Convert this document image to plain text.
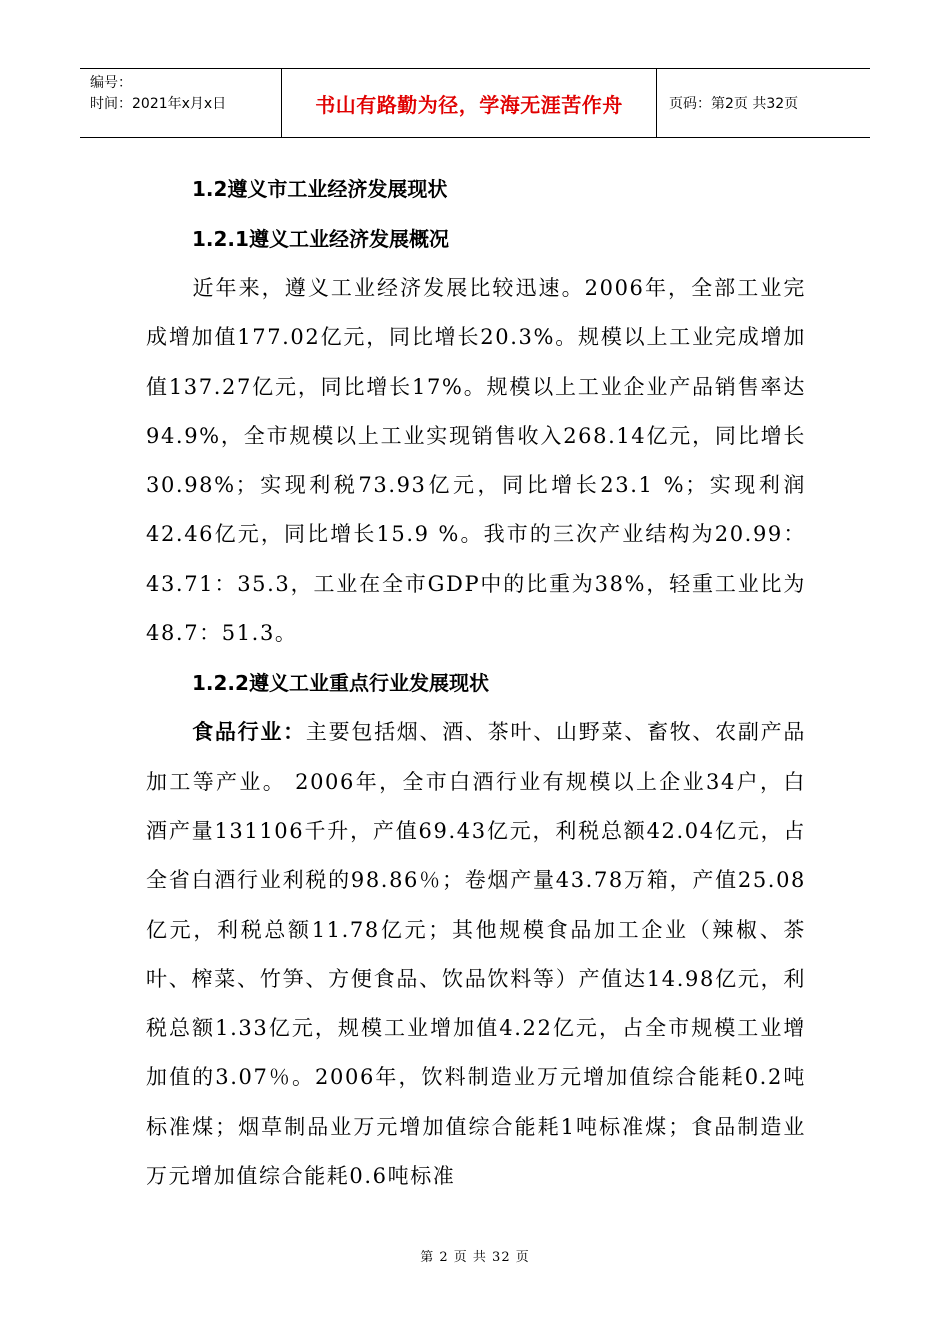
编号：
时间：2021年x月x日	书山有路勤为径，学海无涯苦作舟	页码：第2页 共32页
1.2遵义市工业经济发展现状
1.2.1遵义工业经济发展概况
近年来，遵义工业经济发展比较迅速。2006年，全部工业完成增加值177.02亿元，同比增长20.3%。规模以上工业完成增加值137.27亿元，同比增长17%。规模以上工业企业产品销售率达94.9%，全市规模以上工业实现销售收入268.14亿元，同比增长30.98%；实现利税73.93亿元，同比增长23.1 %；实现利润42.46亿元，同比增长15.9 %。我市的三次产业结构为20.99：43.71：35.3，工业在全市GDP中的比重为38%，轻重工业比为48.7：51.3。
1.2.2遵义工业重点行业发展现状
食品行业：主要包括烟、酒、茶叶、山野菜、畜牧、农副产品加工等产业。 2006年，全市白酒行业有规模以上企业34户，白酒产量131106千升，产值69.43亿元，利税总额42.04亿元，占全省白酒行业利税的98.86％；卷烟产量43.78万箱，产值25.08亿元，利税总额11.78亿元；其他规模食品加工企业（辣椒、茶叶、榨菜、竹笋、方便食品、饮品饮料等）产值达14.98亿元，利税总额1.33亿元，规模工业增加值4.22亿元，占全市规模工业增加值的3.07％。2006年，饮料制造业万元增加值综合能耗0.2吨标准煤；烟草制品业万元增加值综合能耗1吨标准煤；食品制造业万元增加值综合能耗0.6吨标准
第 2 页 共 32 页
